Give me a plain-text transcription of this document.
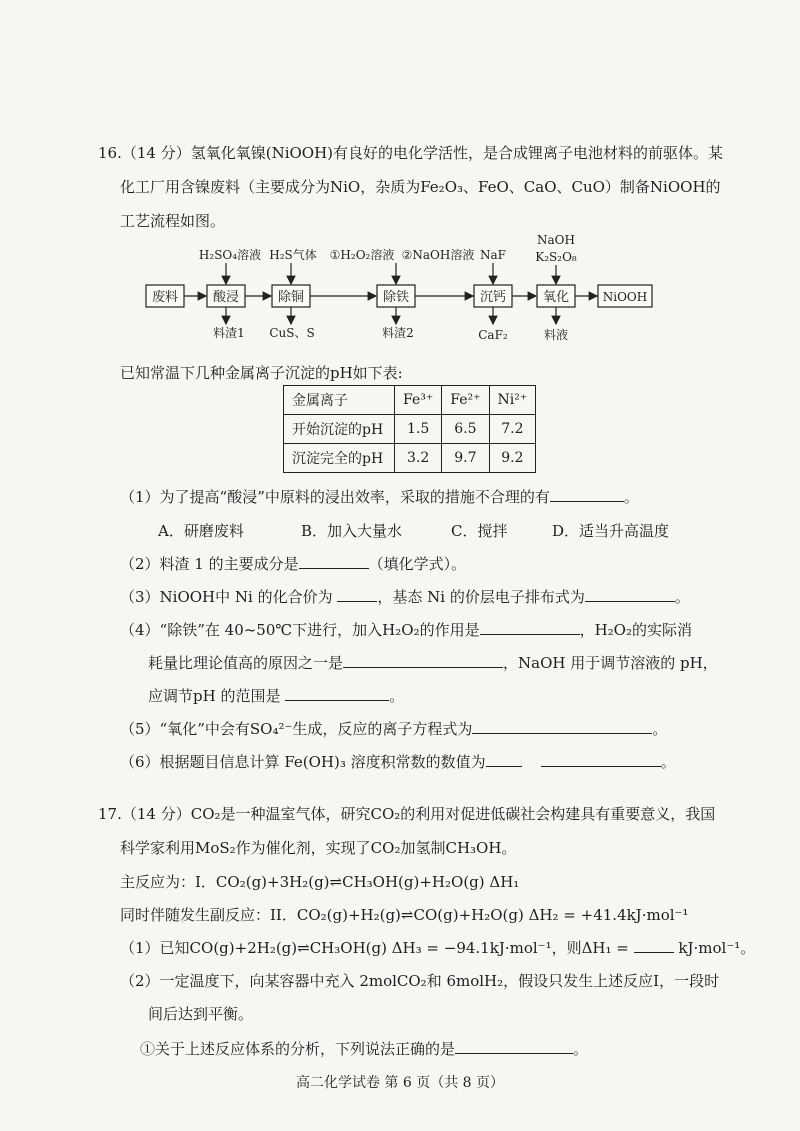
16.（14 分）氢氧化氧镍(NiOOH)有良好的电化学活性，是合成锂离子电池材料的前驱体。某
化工厂用含镍废料（主要成分为NiO，杂质为Fe₂O₃、FeO、CaO、CuO）制备NiOOH的
工艺流程如图。
废料	酸浸	除铜	除铁	沉钙	氧化	NiOOH
H₂SO₄溶液 H₂S气体 ①H₂O₂溶液 ②NaOH溶液 NaF
NaOH
K₂S₂O₈
料渣1 CuS、S	料渣2	CaF₂	料液
已知常温下几种金属离子沉淀的pH如下表:
金属离子	Fe³⁺	Fe²⁺	Ni²⁺
开始沉淀的pH	1.5	6.5	7.2
沉淀完全的pH	3.2	9.7	9.2
（1）为了提高“酸浸”中原料的浸出效率，采取的措施不合理的有	。
A．研磨废料	B．加入大量水	C．搅拌	D．适当升高温度
（2）料渣 1 的主要成分是	（填化学式）。
（3）NiOOH中 Ni 的化合价为	，基态 Ni 的价层电子排布式为	。
（4）“除铁”在 40~50℃下进行，加入H₂O₂的作用是	，H₂O₂的实际消
耗量比理论值高的原因之一是	，NaOH 用于调节溶液的 pH，
应调节pH 的范围是	。
（5）“氧化”中会有SO₄²⁻生成，反应的离子方程式为	。
（6）根据题目信息计算 Fe(OH)₃ 溶度积常数的数值为	。
17.（14 分）CO₂是一种温室气体，研究CO₂的利用对促进低碳社会构建具有重要意义，我国
科学家利用MoS₂作为催化剂，实现了CO₂加氢制CH₃OH。
主反应为：I．CO₂(g)+3H₂(g)⇌CH₃OH(g)+H₂O(g) ΔH₁
同时伴随发生副反应：II．CO₂(g)+H₂(g)⇌CO(g)+H₂O(g) ΔH₂ = +41.4kJ·mol⁻¹
（1）已知CO(g)+2H₂(g)⇌CH₃OH(g) ΔH₃ = −94.1kJ·mol⁻¹，则ΔH₁ =	kJ·mol⁻¹。
（2）一定温度下，向某容器中充入 2molCO₂和 6molH₂，假设只发生上述反应I，一段时
间后达到平衡。
①关于上述反应体系的分析，下列说法正确的是	。
高二化学试卷 第 6 页（共 8 页）
